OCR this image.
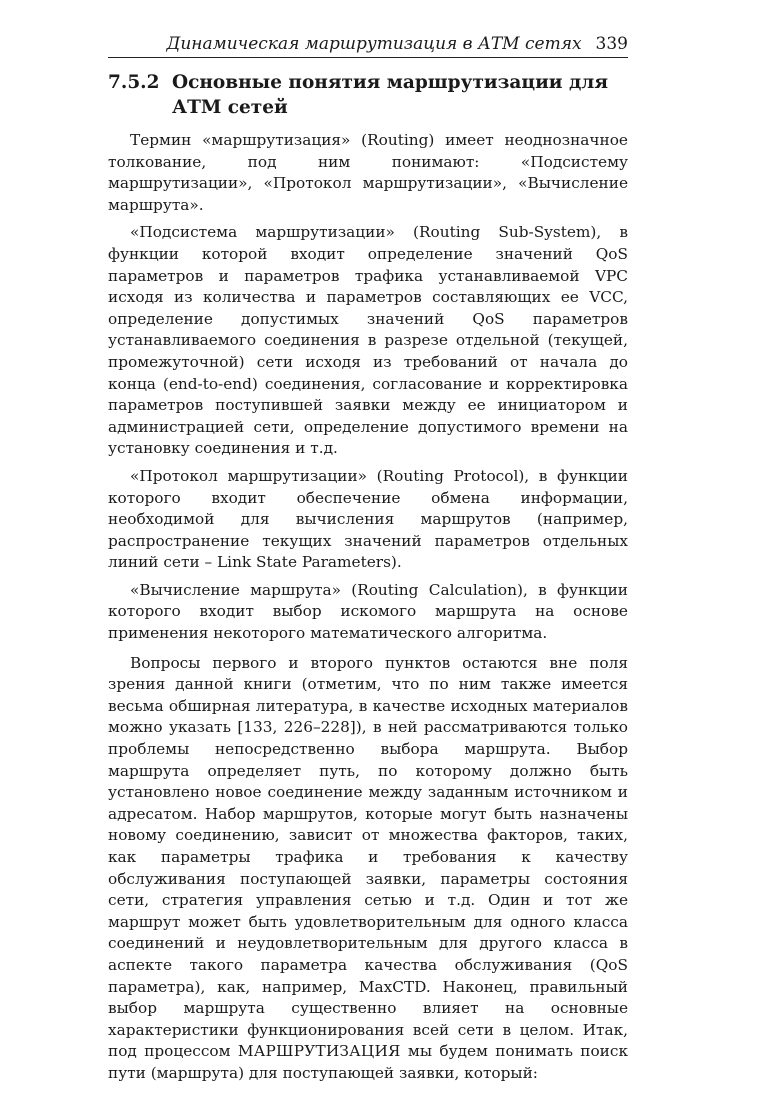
Динамическая маршрутизация в АТМ сетях 339
7.5.2 Основные понятия маршрутизации для АТМ сетей

Термин «маршрутизация» (Routing) имеет неоднозначное толкование, под ним понимают: «Подсистему маршрутизации», «Протокол маршрутизации», «Вычисление маршрута».

«Подсистема маршрутизации» (Routing Sub-System), в функции которой входит определение значений QoS параметров и параметров трафика устанавливаемой VPC исходя из количества и параметров составляющих ее VCC, определение допустимых значений QoS параметров устанавливаемого соединения в разрезе отдельной (текущей, промежуточной) сети исходя из требований от начала до конца (end-to-end) соединения, согласование и корректировка параметров поступившей заявки между ее инициатором и администрацией сети, определение допустимого времени на установку соединения и т.д.

«Протокол маршрутизации» (Routing Protocol), в функции которого входит обеспечение обмена информации, необходимой для вычисления маршрутов (например, распространение текущих значений параметров отдельных линий сети – Link State Parameters).

«Вычисление маршрута» (Routing Calculation), в функции которого входит выбор искомого маршрута на основе применения некоторого математического алгоритма.

Вопросы первого и второго пунктов остаются вне поля зрения данной книги (отметим, что по ним также имеется весьма обширная литература, в качестве исходных материалов можно указать [133, 226–228]), в ней рассматриваются только проблемы непосредственно выбора маршрута. Выбор маршрута определяет путь, по которому должно быть установлено новое соединение между заданным источником и адресатом. Набор маршрутов, которые могут быть назначены новому соединению, зависит от множества факторов, таких, как параметры трафика и требования к качеству обслуживания поступающей заявки, параметры состояния сети, стратегия управления сетью и т.д. Один и тот же маршрут может быть удовлетворительным для одного класса соединений и неудовлетворительным для другого класса в аспекте такого параметра качества обслуживания (QoS параметра), как, например, MaxCTD. Наконец, правильный выбор маршрута существенно влияет на основные характеристики функционирования всей сети в целом. Итак, под процессом МАРШРУТИЗАЦИЯ мы будем понимать поиск пути (маршрута) для поступающей заявки, который:
